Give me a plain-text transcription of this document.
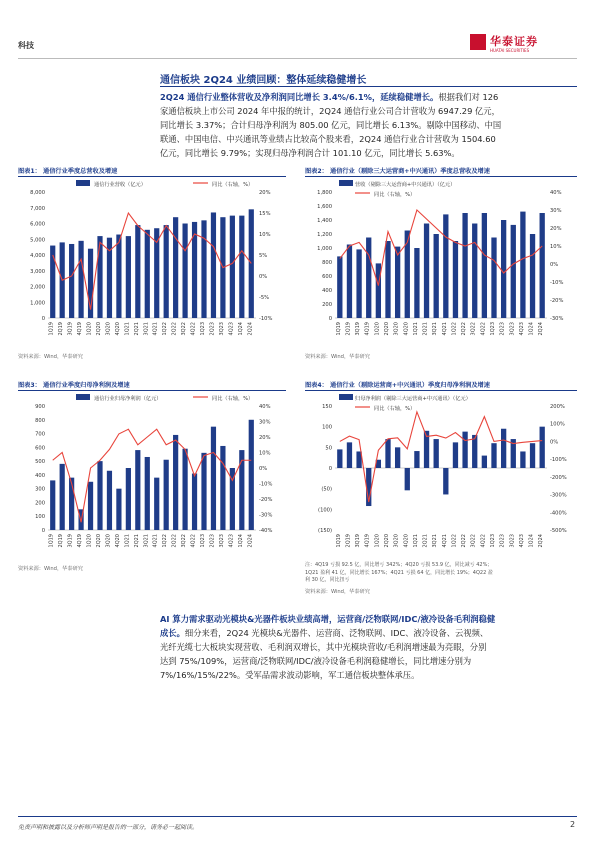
科技	华泰证券
HUATAI SECURITIES
通信板块 2Q24 业绩回顾：整体延续稳健增长
2Q24 通信行业整体营收及净利润同比增长 3.4%/6.1%，延续稳健增长。根据我们对 126
家通信板块上市公司 2024 年中报的统计，2Q24 通信行业公司合计营收为 6947.29 亿元，
同比增长 3.37%；合计归母净利润为 805.00 亿元，同比增长 6.13%。剔除中国移动、中国
联通、中国电信、中兴通讯等业绩占比较高个股来看，2Q24 通信行业合计营收为 1504.60
亿元，同比增长 9.79%；实现归母净利润合计 101.10 亿元，同比增长 5.63%。
图表1： 通信行业季度总营收及增速	图表2： 通信行业（剔除三大运营商+中兴通讯）季度总营收及增速
通信行业营收（亿元）	同比（右轴，%）
0
1,000
2,000
3,000
4,000
5,000
6,000
7,000
8,000
-10%
-5%
0%
5%
10%
15%
20%
1Q19 2Q19 3Q19 4Q19 1Q20 2Q20 3Q20 4Q20 1Q21 2Q21 3Q21 4Q21 1Q22 2Q22 3Q22 4Q22 1Q23 2Q23 3Q23 4Q23 1Q24 2Q24
营收（剔除三大运营商+中兴通讯）（亿元）
同比（右轴，%）
0
200
400
600
800
1,000
1,200
1,400
1,600
1,800
-30%
-20%
-10%
0%
10%
20%
30%
40%
1Q19 2Q19 3Q19 4Q19 1Q20 2Q20 3Q20 4Q20 1Q21 2Q21 3Q21 4Q21 1Q22 2Q22 3Q22 4Q22 1Q23 2Q23 3Q23 4Q23 1Q24 2Q24
资料来源：Wind，华泰研究	资料来源：Wind，华泰研究
图表3： 通信行业季度归母净利润及增速	图表4： 通信行业（剔除运营商+中兴通讯）季度归母净利润及增速
通信行业归母净利润（亿元）	同比（右轴，%）
0
100
200
300
400
500
600
700
800
900
-40%
-30%
-20%
-10%
0%
10%
20%
30%
40%
1Q19 2Q19 3Q19 4Q19 1Q20 2Q20 3Q20 4Q20 1Q21 2Q21 3Q21 4Q21 1Q22 2Q22 3Q22 4Q22 1Q23 2Q23 3Q23 4Q23 1Q24 2Q24
归母净利润（剔除三大运营商+中兴通讯）（亿元）
同比（右轴，%）
(150)
(100)
(50)
0
50
100
150
-500%
-400%
-300%
-200%
-100%
0%
100%
200%
1Q19 2Q19 3Q19 4Q19 1Q20 2Q20 3Q20 4Q20 1Q21 2Q21 3Q21 4Q21 1Q22 2Q22 3Q22 4Q22 1Q23 2Q23 3Q23 4Q23 1Q24 2Q24
资料来源：Wind，华泰研究
注：4Q19 亏损 92.5 亿，同比增亏 342%；4Q20 亏损 53.9 亿，同比减亏 42%；
1Q21 盈利 41 亿，同比增长 167%；4Q21 亏损 64 亿，同比增长 19%；4Q22 盈
利 30 亿，同比扭亏
资料来源：Wind，华泰研究
AI 算力需求驱动光模块&光器件板块业绩高增，运营商/泛物联网/IDC/液冷设备毛利润稳健
成长。细分来看，2Q24 光模块&光器件、运营商、泛物联网、IDC、液冷设备、云视频、
光纤光缆七大板块实现营收、毛利润双增长，其中光模块营收/毛利润增速最为亮眼，分别
达到 75%/109%，运营商/泛物联网/IDC/液冷设备毛利润稳健增长，同比增速分别为
7%/16%/15%/22%。受军品需求波动影响，军工通信板块整体承压。
免责声明和披露以及分析师声明是报告的一部分，请务必一起阅读。	2
